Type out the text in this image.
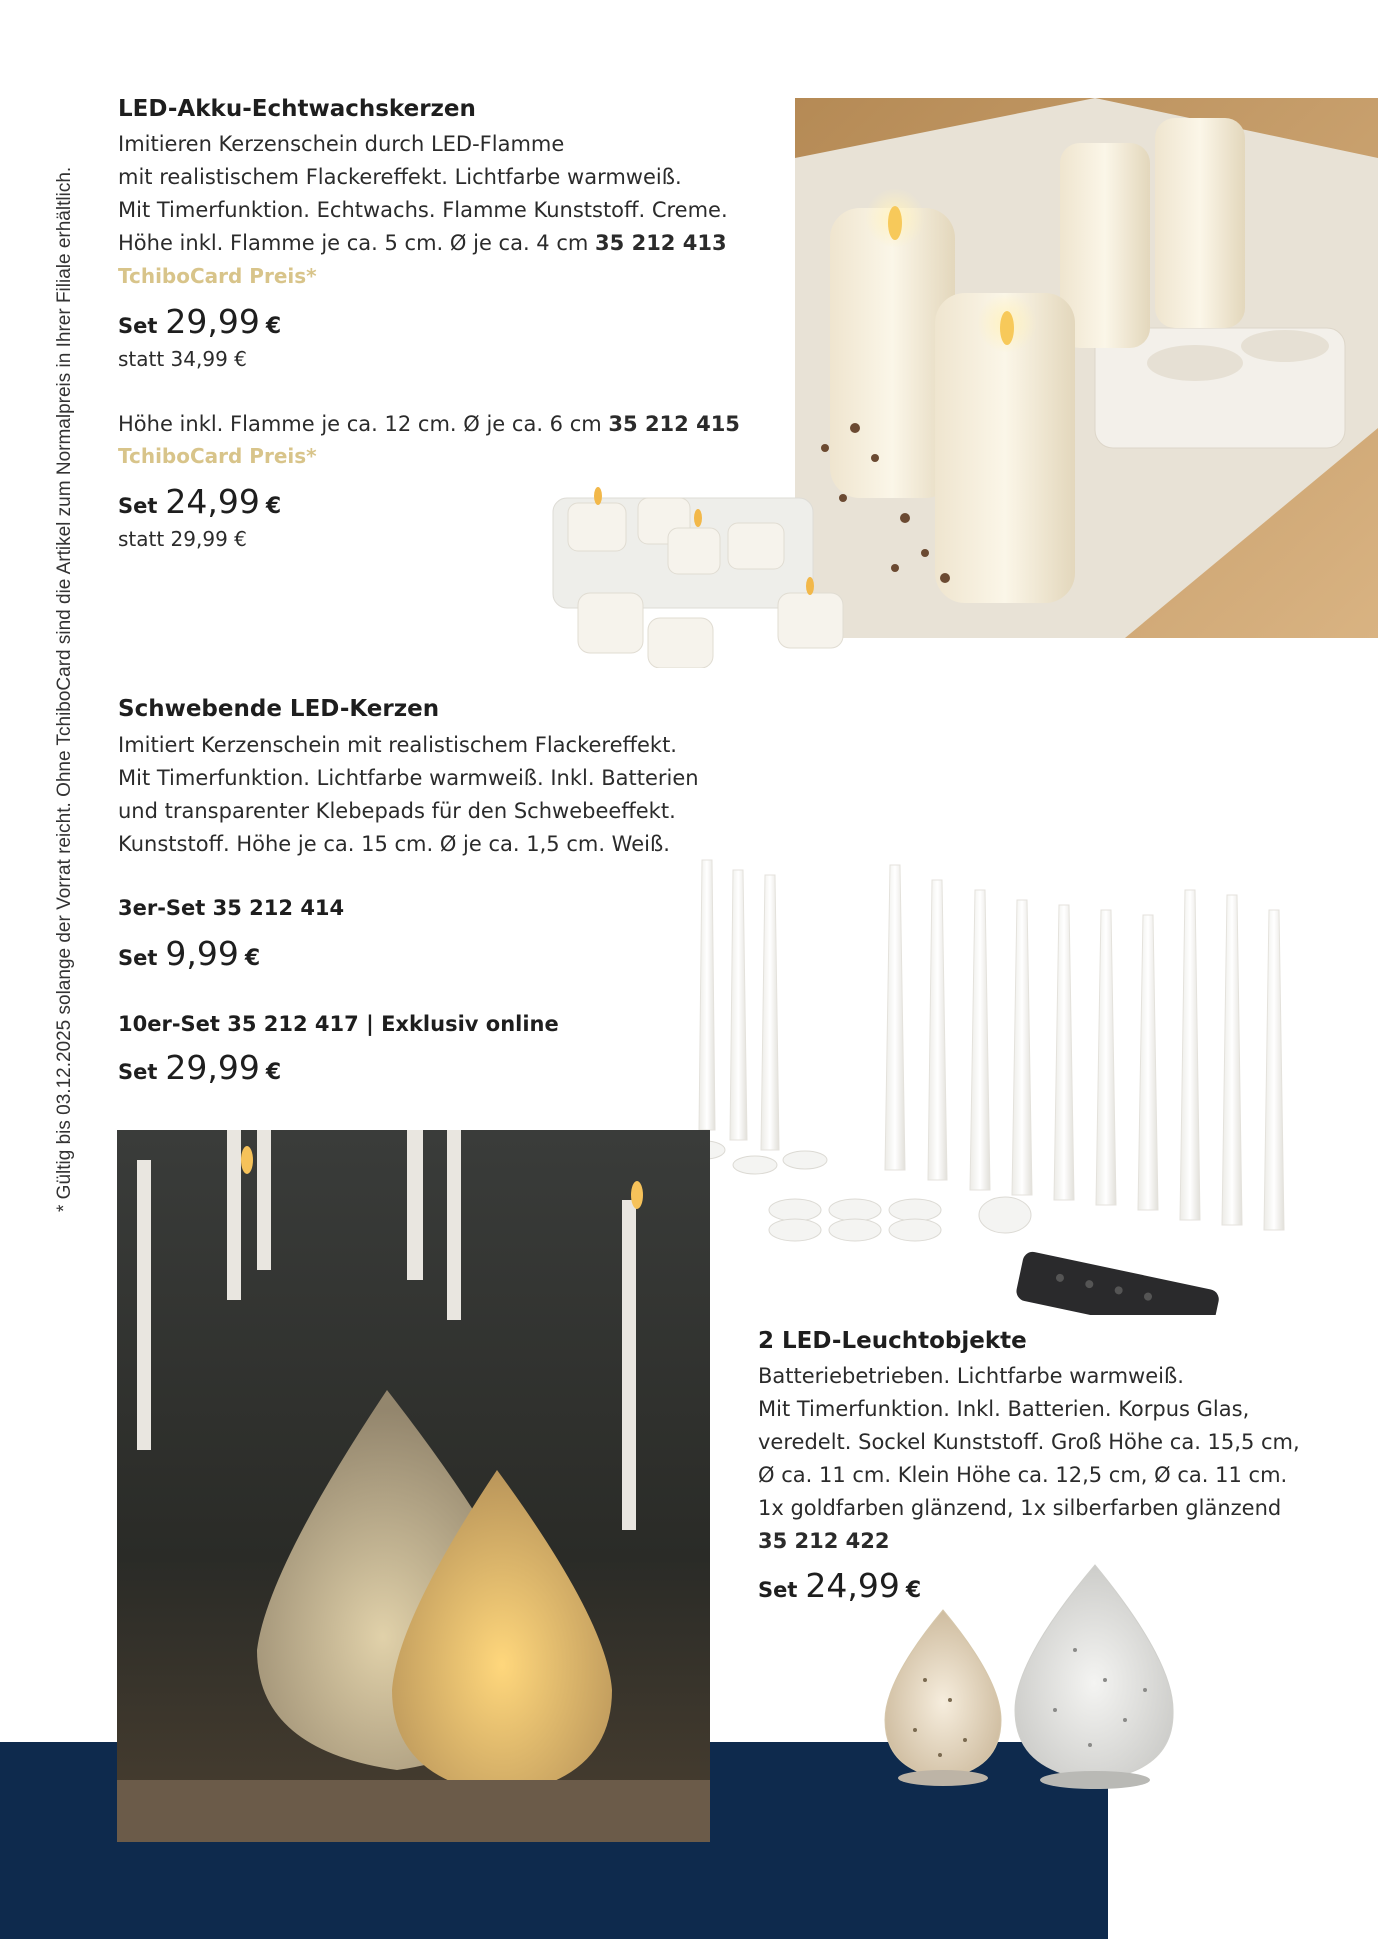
* Gültig bis 03.12.2025 solange der Vorrat reicht. Ohne TchiboCard sind die Artikel zum Normalpreis in Ihrer Filiale erhältlich.
LED-Akku-Echtwachskerzen
Imitieren Kerzenschein durch LED-Flamme
mit realistischem Flackereffekt. Lichtfarbe warmweiß.
Mit Timerfunktion. Echtwachs. Flamme Kunststoff. Creme.
Höhe inkl. Flamme je ca. 5 cm. Ø je ca. 4 cm 35 212 413
TchiboCard Preis*
Set 29,99 €
statt 34,99 €
Höhe inkl. Flamme je ca. 12 cm. Ø je ca. 6 cm 35 212 415
TchiboCard Preis*
Set 24,99 €
statt 29,99 €
Schwebende LED-Kerzen
Imitiert Kerzenschein mit realistischem Flackereffekt.
Mit Timerfunktion. Lichtfarbe warmweiß. Inkl. Batterien
und transparenter Klebepads für den Schwebeeffekt.
Kunststoff. Höhe je ca. 15 cm. Ø je ca. 1,5 cm. Weiß.
3er-Set 35 212 414
Set 9,99 €
10er-Set 35 212 417 | Exklusiv online
Set 29,99 €
2 LED-Leuchtobjekte
Batteriebetrieben. Lichtfarbe warmweiß.
Mit Timerfunktion. Inkl. Batterien. Korpus Glas,
veredelt. Sockel Kunststoff. Groß Höhe ca. 15,5 cm,
Ø ca. 11 cm. Klein Höhe ca. 12,5 cm, Ø ca. 11 cm.
1x goldfarben glänzend, 1x silberfarben glänzend
35 212 422
Set 24,99 €
